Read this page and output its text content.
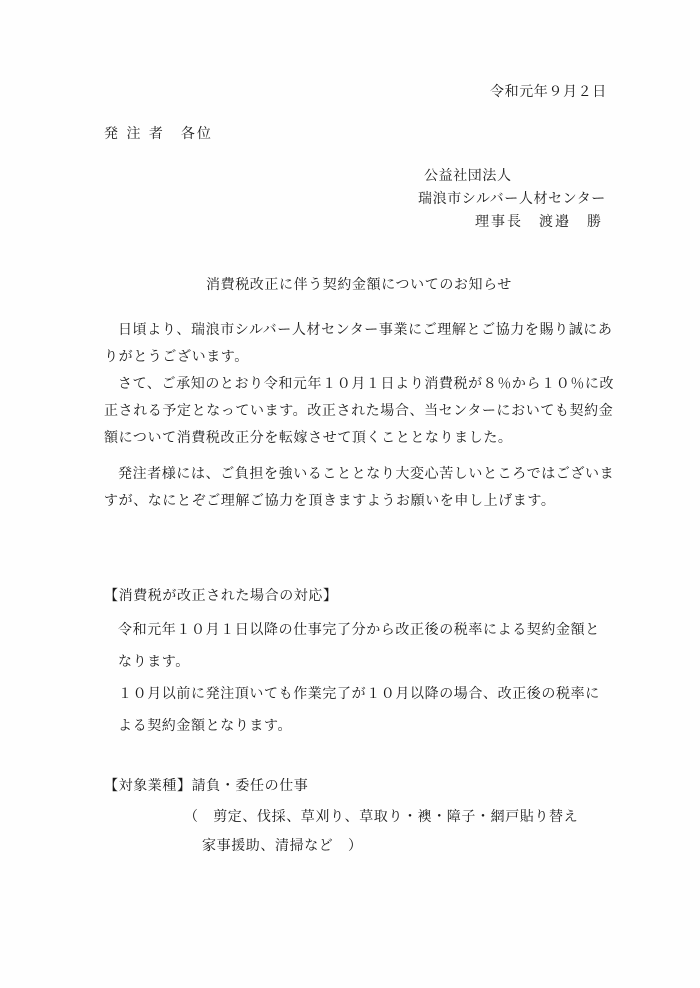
令和元年９月２日
発 注 者　各位
公益社団法人
瑞浪市シルバー人材センター
理事長　渡邉　勝
消費税改正に伴う契約金額についてのお知らせ
日頃より、瑞浪市シルバー人材センター事業にご理解とご協力を賜り誠にあ
りがとうございます。
さて、ご承知のとおり令和元年１０月１日より消費税が８％から１０％に改
正される予定となっています。改正された場合、当センターにおいても契約金
額について消費税改正分を転嫁させて頂くこととなりました。
発注者様には、ご負担を強いることとなり大変心苦しいところではございま
すが、なにとぞご理解ご協力を頂きますようお願いを申し上げます。
【消費税が改正された場合の対応】
令和元年１０月１日以降の仕事完了分から改正後の税率による契約金額と
なります。
１０月以前に発注頂いても作業完了が１０月以降の場合、改正後の税率に
よる契約金額となります。
【対象業種】請負・委任の仕事
（　剪定、伐採、草刈り、草取り・襖・障子・網戸貼り替え
家事援助、清掃など　）
